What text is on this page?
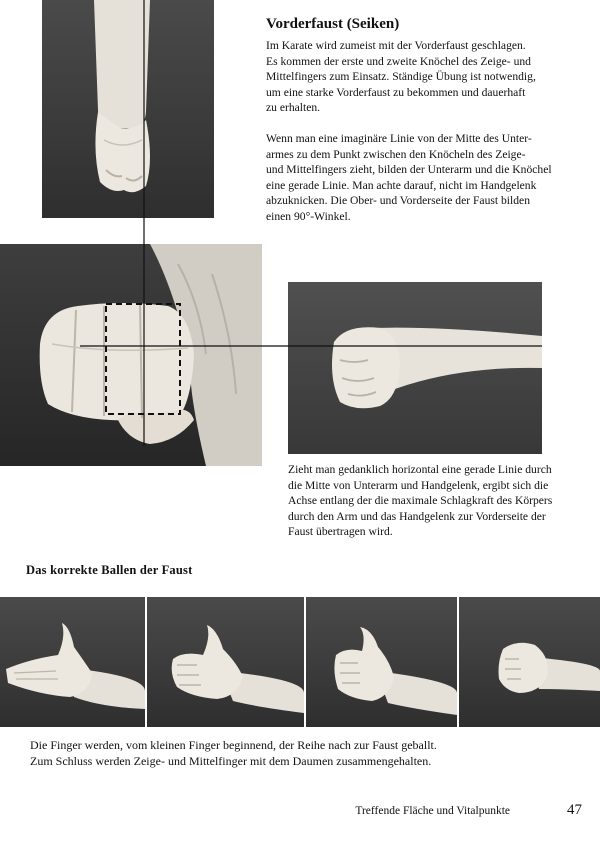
Vorderfaust (Seiken)

Im Karate wird zumeist mit der Vorderfaust geschlagen.

Es kommen der erste und zweite Knöchel des Zeige- und

Mittelfingers zum Einsatz. Ständige Übung ist notwendig,

um eine starke Vorderfaust zu bekommen und dauerhaft

zu erhalten.

Wenn man eine imaginäre Linie von der Mitte des Unter-

armes zu dem Punkt zwischen den Knöcheln des Zeige-

und Mittelfingers zieht, bilden der Unterarm und die Knöchel

eine gerade Linie. Man achte darauf, nicht im Handgelenk

abzuknicken. Die Ober- und Vorderseite der Faust bilden

einen 90°-Winkel.

Zieht man gedanklich horizontal eine gerade Linie durch

die Mitte von Unterarm und Handgelenk, ergibt sich die

Achse entlang der die maximale Schlagkraft des Körpers

durch den Arm und das Handgelenk zur Vorderseite der

Faust übertragen wird.

Das korrekte Ballen der Faust

Die Finger werden, vom kleinen Finger beginnend, der Reihe nach zur Faust geballt.

Zum Schluss werden Zeige- und Mittelfinger mit dem Daumen zusammengehalten.

Treffende Fläche und Vitalpunkte	47
